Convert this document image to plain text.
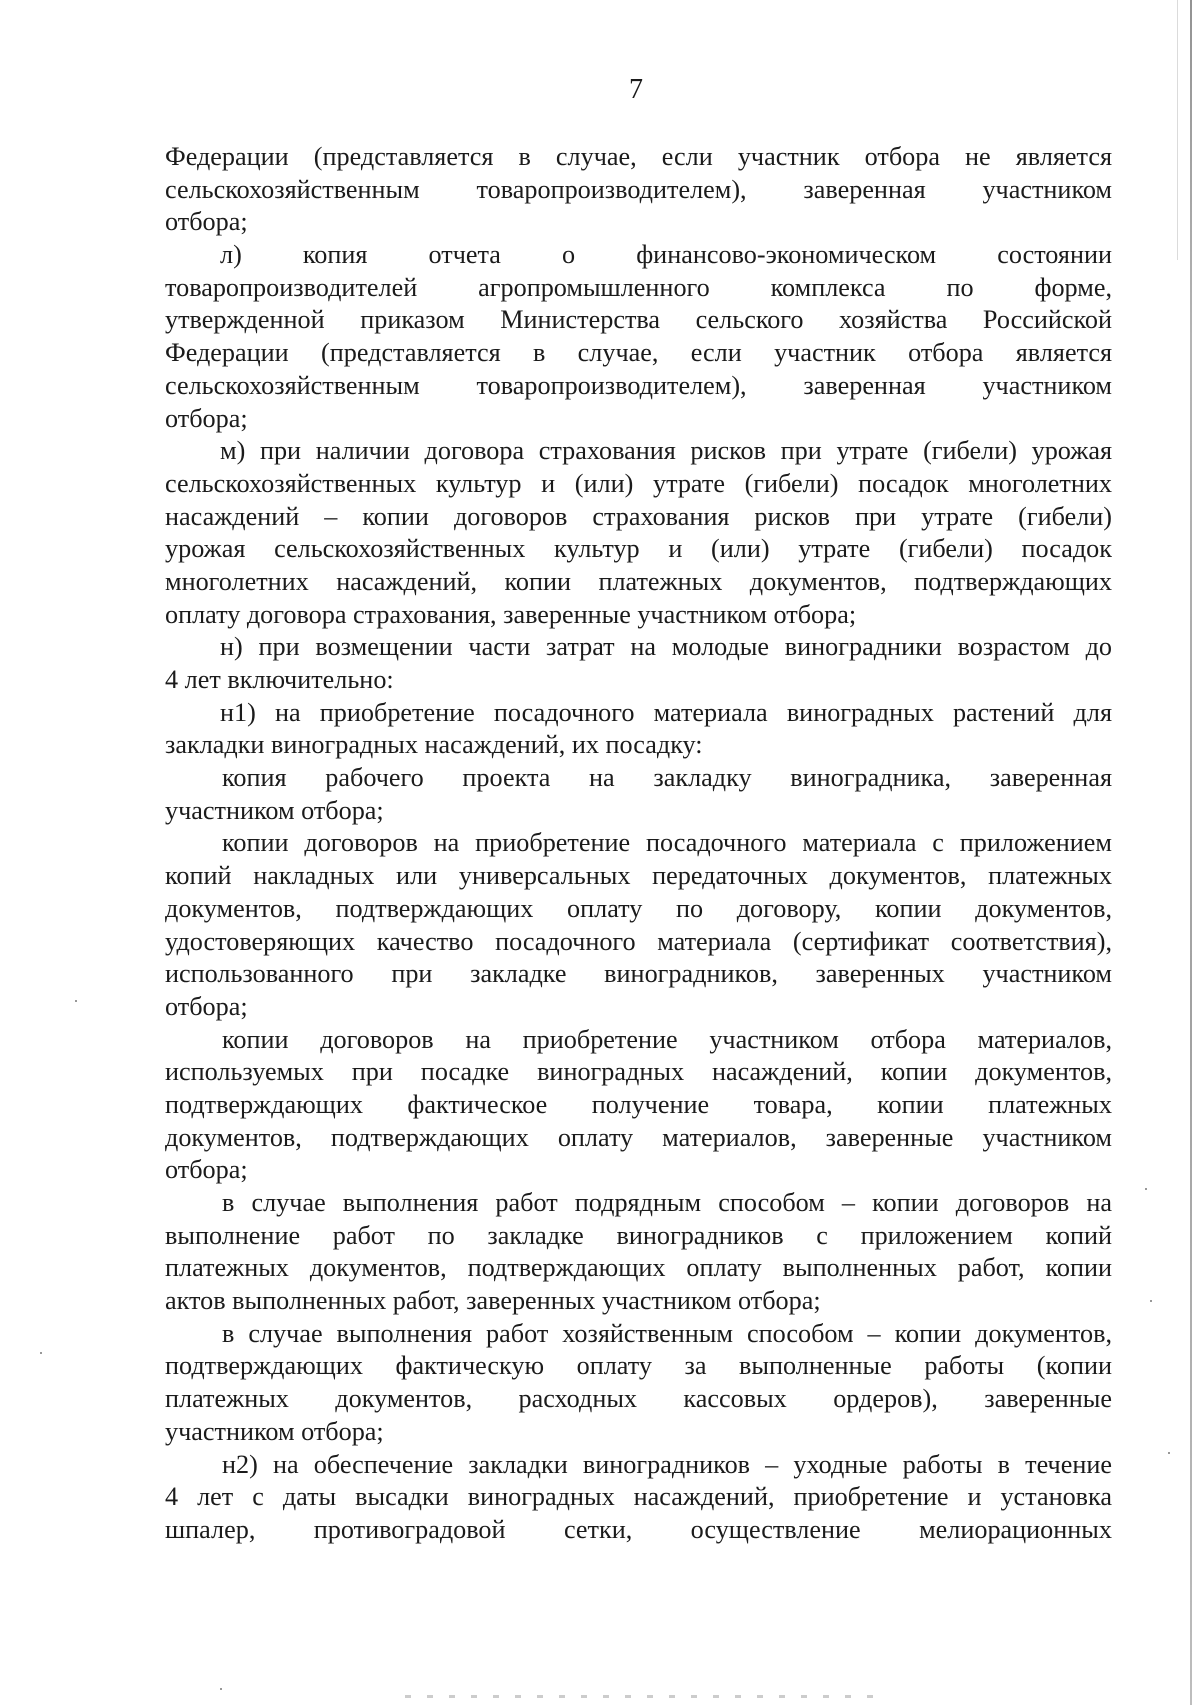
7
Федерации (представляется в случае, если участник отбора не является
сельскохозяйственным товаропроизводителем), заверенная участником
отбора;
л) копия отчета о финансово-экономическом состоянии
товаропроизводителей агропромышленного комплекса по форме,
утвержденной приказом Министерства сельского хозяйства Российской
Федерации (представляется в случае, если участник отбора является
сельскохозяйственным товаропроизводителем), заверенная участником
отбора;
м) при наличии договора страхования рисков при утрате (гибели) урожая
сельскохозяйственных культур и (или) утрате (гибели) посадок многолетних
насаждений – копии договоров страхования рисков при утрате (гибели)
урожая сельскохозяйственных культур и (или) утрате (гибели) посадок
многолетних насаждений, копии платежных документов, подтверждающих
оплату договора страхования, заверенные участником отбора;
н) при возмещении части затрат на молодые виноградники возрастом до
4 лет включительно:
н1) на приобретение посадочного материала виноградных растений для
закладки виноградных насаждений, их посадку:
копия рабочего проекта на закладку виноградника, заверенная
участником отбора;
копии договоров на приобретение посадочного материала с приложением
копий накладных или универсальных передаточных документов, платежных
документов, подтверждающих оплату по договору, копии документов,
удостоверяющих качество посадочного материала (сертификат соответствия),
использованного при закладке виноградников, заверенных участником
отбора;
копии договоров на приобретение участником отбора материалов,
используемых при посадке виноградных насаждений, копии документов,
подтверждающих фактическое получение товара, копии платежных
документов, подтверждающих оплату материалов, заверенные участником
отбора;
в случае выполнения работ подрядным способом – копии договоров на
выполнение работ по закладке виноградников с приложением копий
платежных документов, подтверждающих оплату выполненных работ, копии
актов выполненных работ, заверенных участником отбора;
в случае выполнения работ хозяйственным способом – копии документов,
подтверждающих фактическую оплату за выполненные работы (копии
платежных документов, расходных кассовых ордеров), заверенные
участником отбора;
н2) на обеспечение закладки виноградников – уходные работы в течение
4 лет с даты высадки виноградных насаждений, приобретение и установка
шпалер, противоградовой сетки, осуществление мелиорационных
